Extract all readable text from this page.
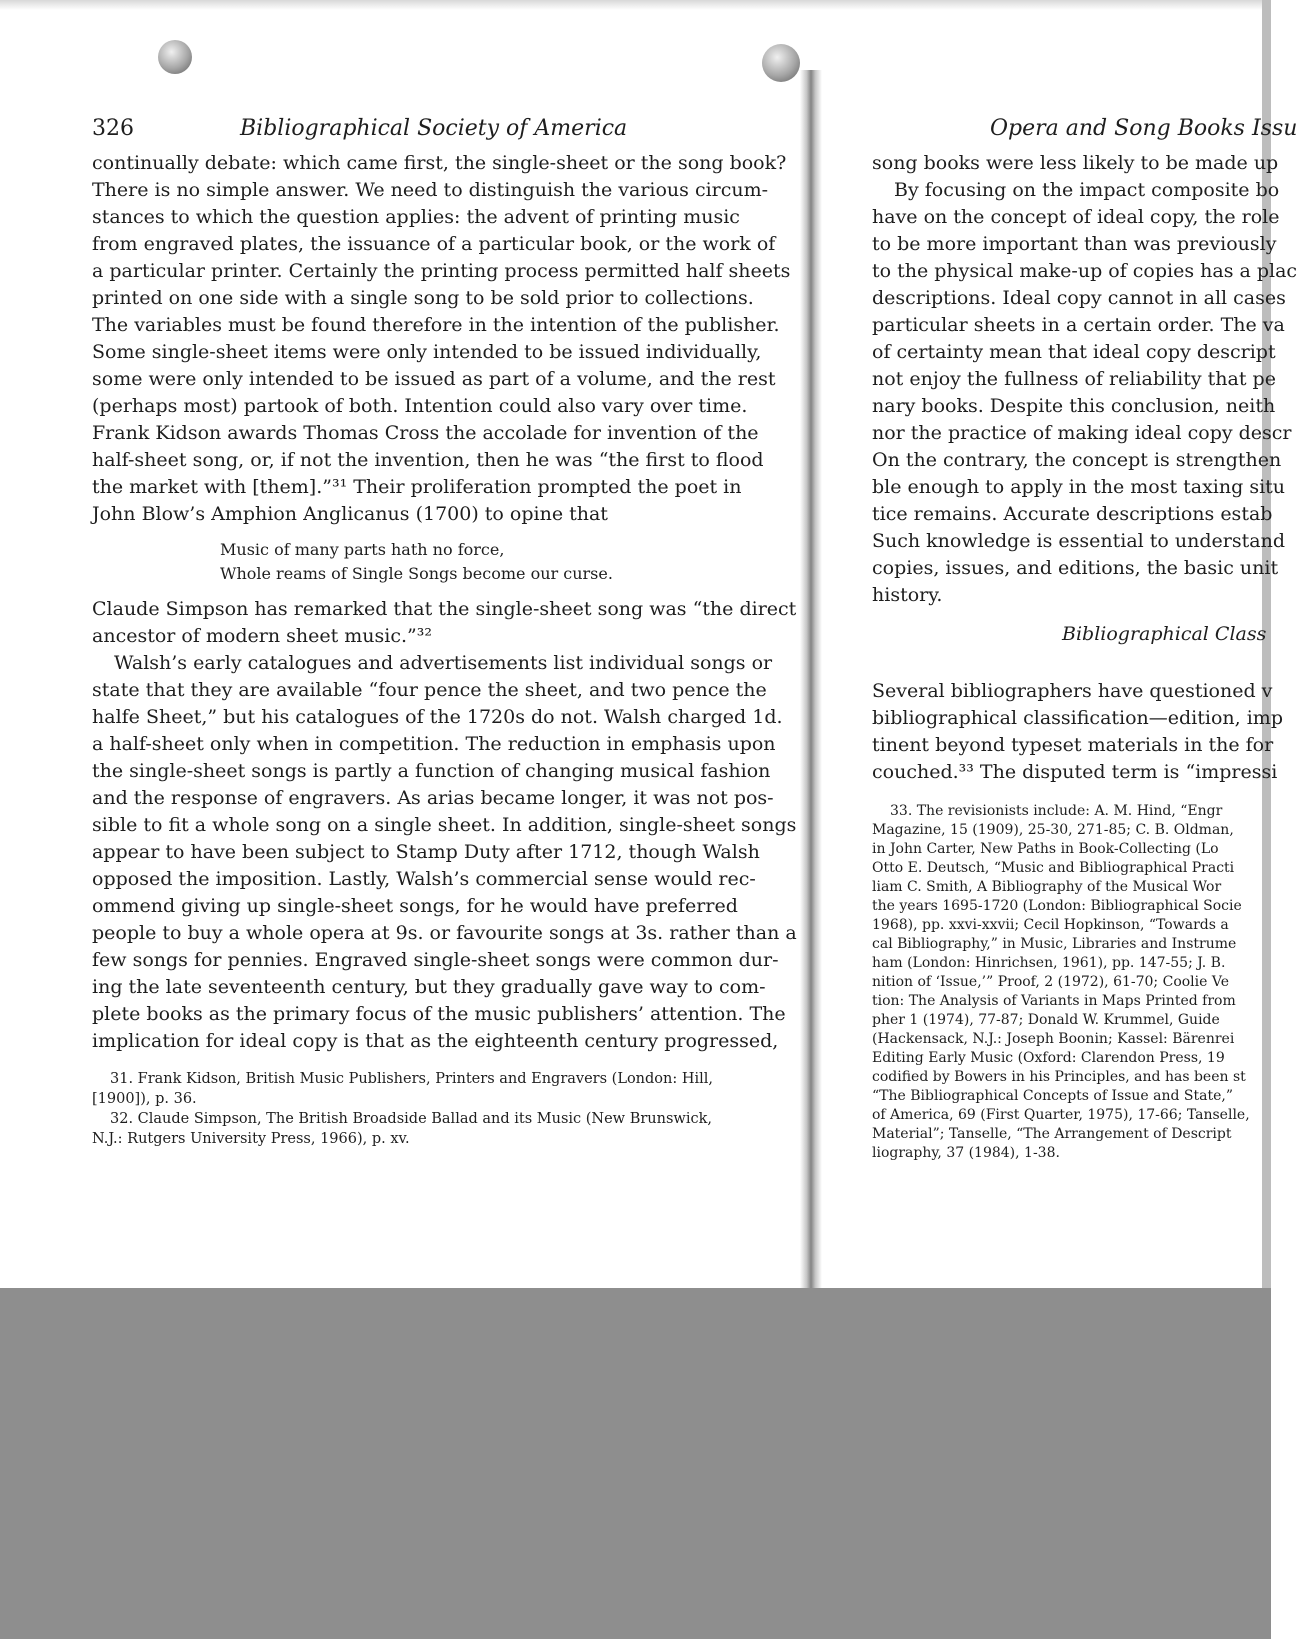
326	Bibliographical Society of America
continually debate: which came first, the single-sheet or the song book?
There is no simple answer. We need to distinguish the various circum-
stances to which the question applies: the advent of printing music
from engraved plates, the issuance of a particular book, or the work of
a particular printer. Certainly the printing process permitted half sheets
printed on one side with a single song to be sold prior to collections.
The variables must be found therefore in the intention of the publisher.
Some single-sheet items were only intended to be issued individually,
some were only intended to be issued as part of a volume, and the rest
(perhaps most) partook of both. Intention could also vary over time.
Frank Kidson awards Thomas Cross the accolade for invention of the
half-sheet song, or, if not the invention, then he was “the first to flood
the market with [them].”³¹ Their proliferation prompted the poet in
John Blow’s Amphion Anglicanus (1700) to opine that
Music of many parts hath no force,
Whole reams of Single Songs become our curse.
Claude Simpson has remarked that the single-sheet song was “the direct
ancestor of modern sheet music.”³²
Walsh’s early catalogues and advertisements list individual songs or
state that they are available “four pence the sheet, and two pence the
halfe Sheet,” but his catalogues of the 1720s do not. Walsh charged 1d.
a half-sheet only when in competition. The reduction in emphasis upon
the single-sheet songs is partly a function of changing musical fashion
and the response of engravers. As arias became longer, it was not pos-
sible to fit a whole song on a single sheet. In addition, single-sheet songs
appear to have been subject to Stamp Duty after 1712, though Walsh
opposed the imposition. Lastly, Walsh’s commercial sense would rec-
ommend giving up single-sheet songs, for he would have preferred
people to buy a whole opera at 9s. or favourite songs at 3s. rather than a
few songs for pennies. Engraved single-sheet songs were common dur-
ing the late seventeenth century, but they gradually gave way to com-
plete books as the primary focus of the music publishers’ attention. The
implication for ideal copy is that as the eighteenth century progressed,
31. Frank Kidson, British Music Publishers, Printers and Engravers (London: Hill,
[1900]), p. 36.
32. Claude Simpson, The British Broadside Ballad and its Music (New Brunswick,
N.J.: Rutgers University Press, 1966), p. xv.
Opera and Song Books Issu
song books were less likely to be made up
By focusing on the impact composite bo
have on the concept of ideal copy, the role
to be more important than was previously
to the physical make-up of copies has a plac
descriptions. Ideal copy cannot in all cases
particular sheets in a certain order. The va
of certainty mean that ideal copy descript
not enjoy the fullness of reliability that pe
nary books. Despite this conclusion, neith
nor the practice of making ideal copy descr
On the contrary, the concept is strengthen
ble enough to apply in the most taxing situ
tice remains. Accurate descriptions estab
Such knowledge is essential to understand
copies, issues, and editions, the basic unit
history.
Bibliographical Class
Several bibliographers have questioned v
bibliographical classification—edition, imp
tinent beyond typeset materials in the for
couched.³³ The disputed term is “impressi
33. The revisionists include: A. M. Hind, “Engr
Magazine, 15 (1909), 25-30, 271-85; C. B. Oldman,
in John Carter, New Paths in Book-Collecting (Lo
Otto E. Deutsch, “Music and Bibliographical Practi
liam C. Smith, A Bibliography of the Musical Wor
the years 1695-1720 (London: Bibliographical Socie
1968), pp. xxvi-xxvii; Cecil Hopkinson, “Towards a
cal Bibliography,” in Music, Libraries and Instrume
ham (London: Hinrichsen, 1961), pp. 147-55; J. B.
nition of ‘Issue,’” Proof, 2 (1972), 61-70; Coolie Ve
tion: The Analysis of Variants in Maps Printed from
pher 1 (1974), 77-87; Donald W. Krummel, Guide
(Hackensack, N.J.: Joseph Boonin; Kassel: Bärenrei
Editing Early Music (Oxford: Clarendon Press, 19
codified by Bowers in his Principles, and has been st
“The Bibliographical Concepts of Issue and State,”
of America, 69 (First Quarter, 1975), 17-66; Tanselle,
Material”; Tanselle, “The Arrangement of Descript
liography, 37 (1984), 1-38.
